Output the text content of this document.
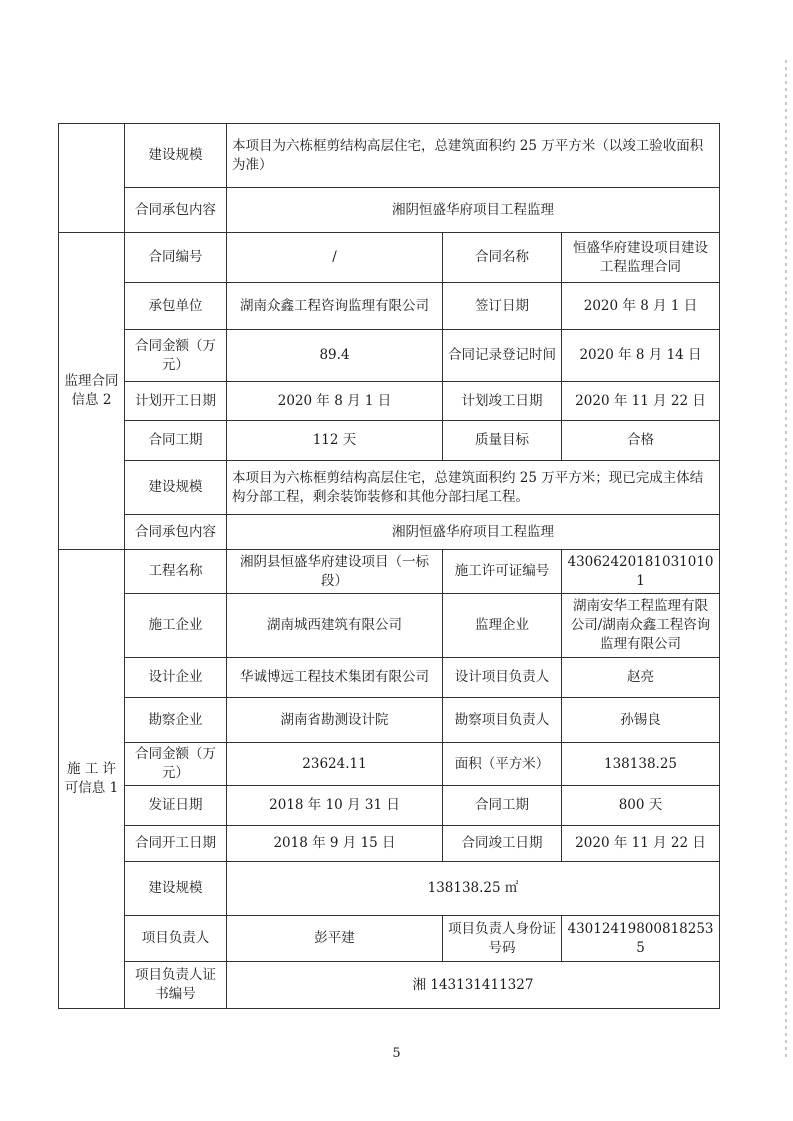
	建设规模	本项目为六栋框剪结构高层住宅，总建筑面积约 25 万平方米（以竣工验收面积为准）		
	合同承包内容	湘阴恒盛华府项目工程监理		
监理合同信息 2	合同编号	/	合同名称	恒盛华府建设项目建设工程监理合同
	承包单位	湖南众鑫工程咨询监理有限公司	签订日期	2020 年 8 月 1 日
	合同金额（万元）	89.4	合同记录登记时间	2020 年 8 月 14 日
	计划开工日期	2020 年 8 月 1 日	计划竣工日期	2020 年 11 月 22 日
	合同工期	112 天	质量目标	合格
	建设规模	本项目为六栋框剪结构高层住宅，总建筑面积约 25 万平方米；现已完成主体结构分部工程，剩余装饰装修和其他分部扫尾工程。		
	合同承包内容	湘阴恒盛华府项目工程监理		
施 工 许 可信息 1	工程名称	湘阴县恒盛华府建设项目（一标段）	施工许可证编号	430624201810310101
	施工企业	湖南城西建筑有限公司	监理企业	湖南安华工程监理有限公司/湖南众鑫工程咨询监理有限公司
	设计企业	华诚博远工程技术集团有限公司	设计项目负责人	赵亮
	勘察企业	湖南省勘测设计院	勘察项目负责人	孙锡良
	合同金额（万元）	23624.11	面积（平方米）	138138.25
	发证日期	2018 年 10 月 31 日	合同工期	800 天
	合同开工日期	2018 年 9 月 15 日	合同竣工日期	2020 年 11 月 22 日
	建设规模	138138.25 ㎡		
	项目负责人	彭平建	项目负责人身份证号码	430124198008182535
	项目负责人证书编号	湘 143131411327		
5
